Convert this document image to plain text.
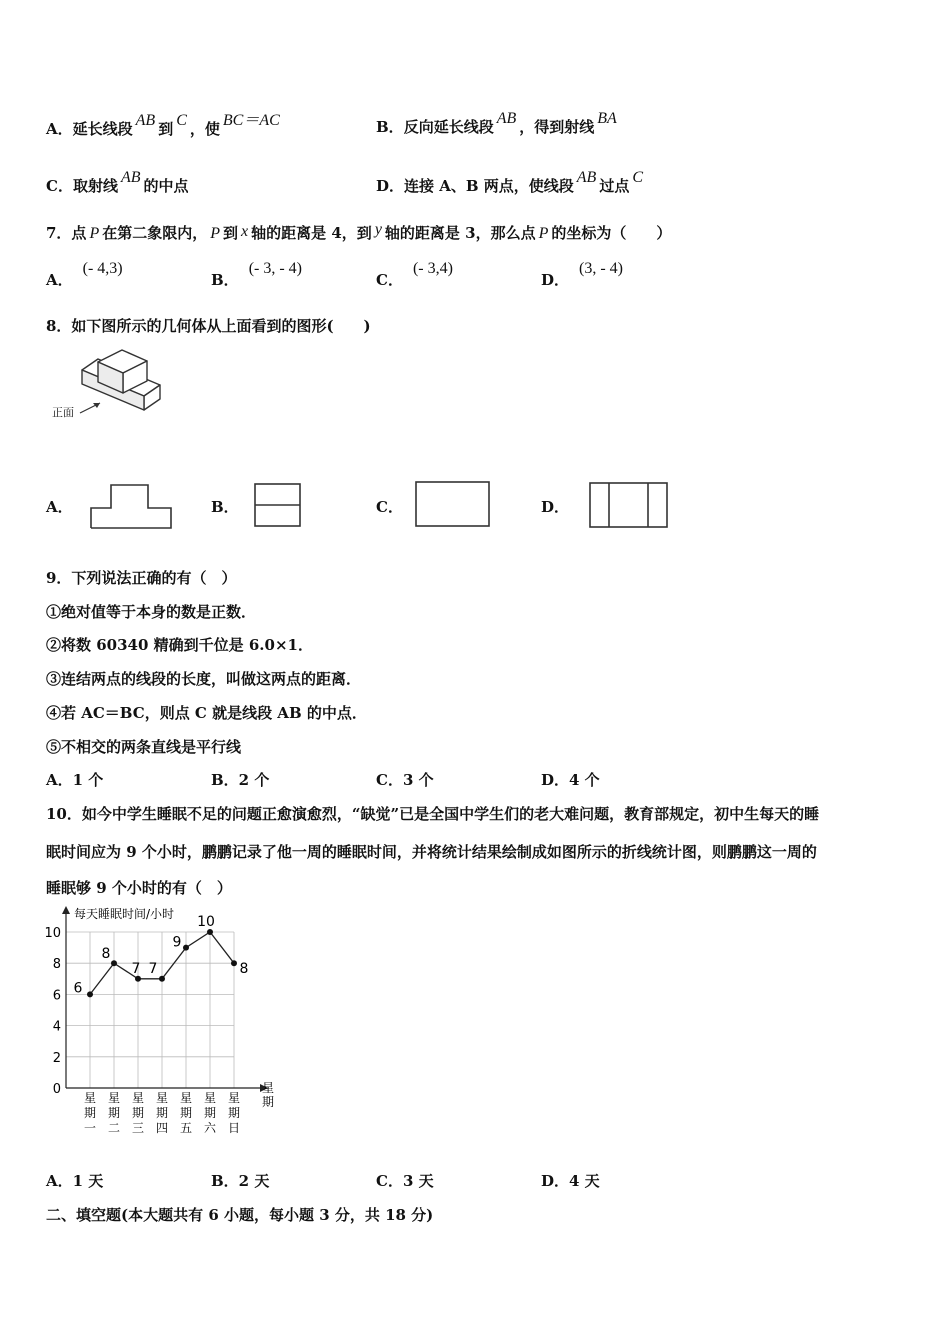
A．延长线段 AB 到 C ，使 BC＝AC	B．反向延长线段 AB ，得到射线 BA
C．取射线 AB 的中点	D．连接 A、B 两点，使线段 AB 过点 C
7．点 P 在第二象限内， P 到 x 轴的距离是 4，到 y 轴的距离是 3，那么点 P 的坐标为（　　）
A．(- 4,3)
B．(- 3, - 4)
C．(- 3,4)
D．(3, - 4)
8．如下图所示的几何体从上面看到的图形(　　)
正面
A．	B．	C．	D．
9．下列说法正确的有（　）
①绝对值等于本身的数是正数．
②将数 60340 精确到千位是 6.0×1．
③连结两点的线段的长度，叫做这两点的距离．
④若 AC＝BC，则点 C 就是线段 AB 的中点．
⑤不相交的两条直线是平行线
A．1 个	B．2 个	C．3 个	D．4 个
10．如今中学生睡眠不足的问题正愈演愈烈，“缺觉”已是全国中学生们的老大难问题，教育部规定，初中生每天的睡
眠时间应为 9 个小时，鹏鹏记录了他一周的睡眠时间，并将统计结果绘制成如图所示的折线统计图，则鹏鹏这一周的
睡眠够 9 个小时的有（　）
每天睡眠时间/小时
0
2
4
6
8
10
星
期
一
星
期
二
星
期
三
星
期
四
星
期
五
星
期
六
星
期
日
星
期
6
8
7 7
9
10
8
A．1 天	B．2 天	C．3 天	D．4 天
二、填空题(本大题共有 6 小题，每小题 3 分，共 18 分)
